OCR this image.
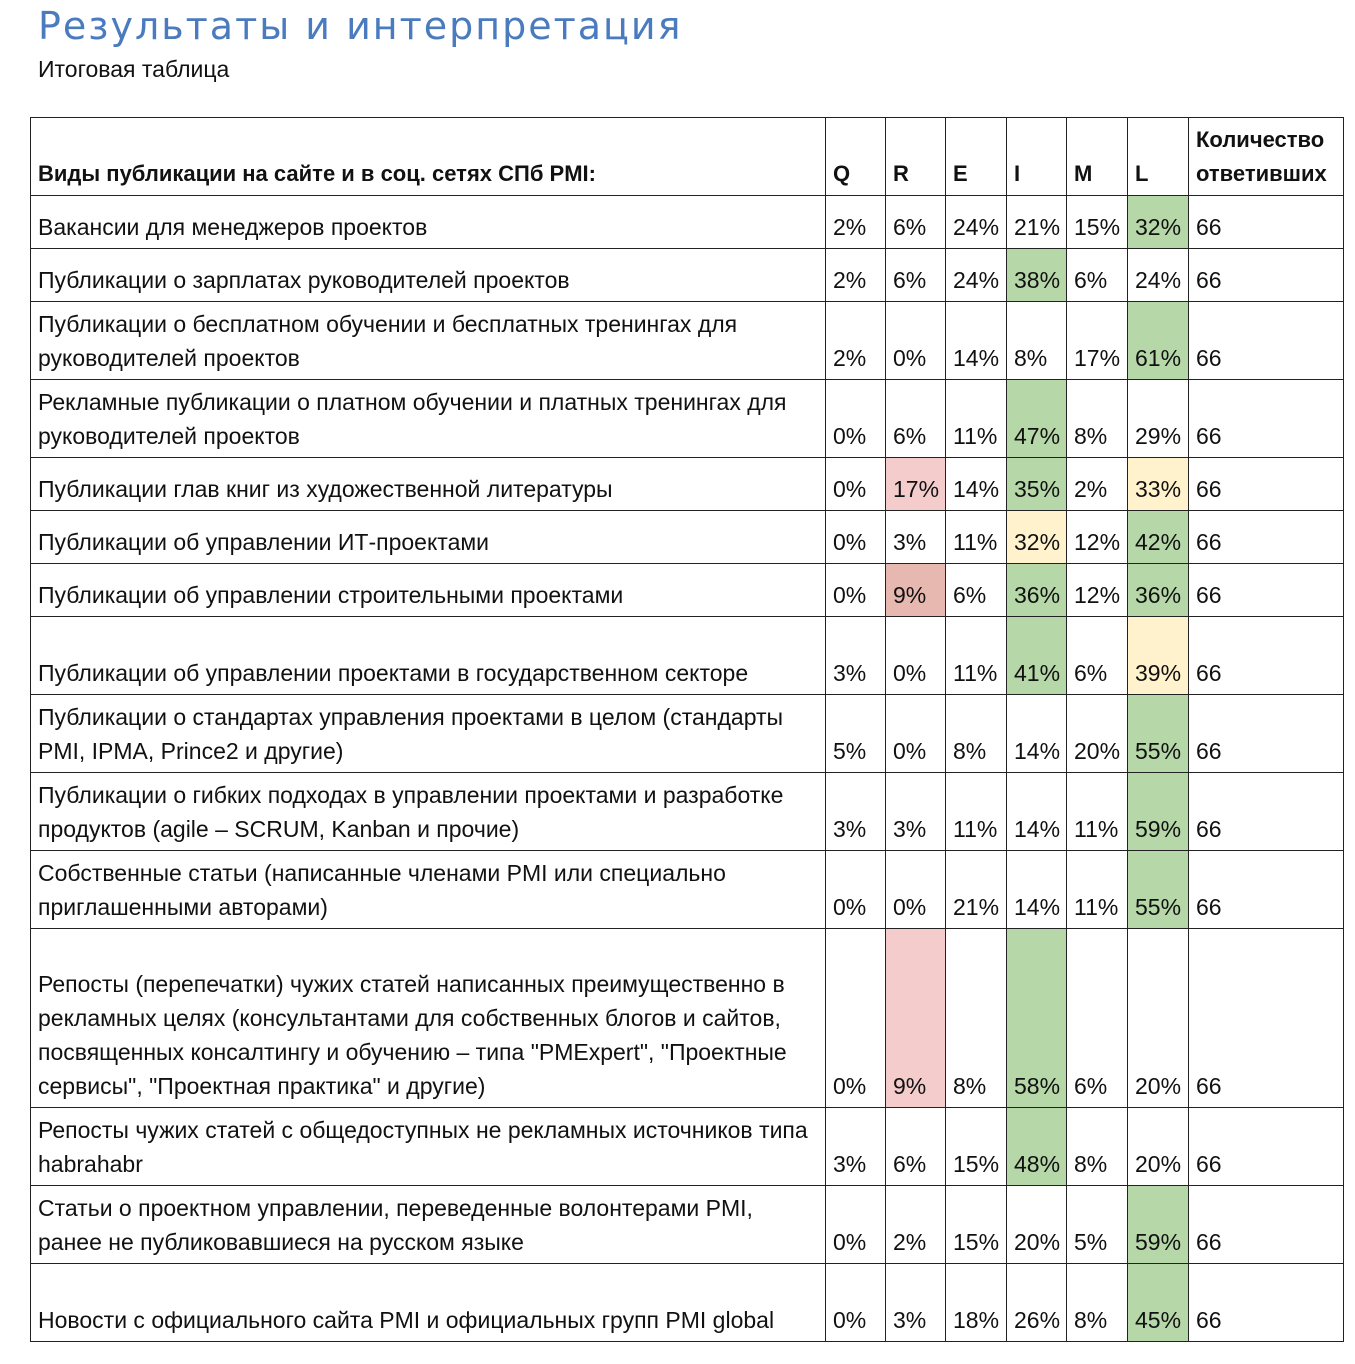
Результаты и интерпретация
Итоговая таблица
Виды публикации на сайте и в соц. сетях СПб PMI:	Q	R	E	I	M	L	Количество ответивших
Вакансии для менеджеров проектов	2%	6%	24%	21%	15%	32%	66
Публикации о зарплатах руководителей проектов	2%	6%	24%	38%	6%	24%	66
Публикации о бесплатном обучении и бесплатных тренингах для руководителей проектов	2%	0%	14%	8%	17%	61%	66
Рекламные публикации о платном обучении и платных тренингах для руководителей проектов	0%	6%	11%	47%	8%	29%	66
Публикации глав книг из художественной литературы	0%	17%	14%	35%	2%	33%	66
Публикации об управлении ИТ-проектами	0%	3%	11%	32%	12%	42%	66
Публикации об управлении строительными проектами	0%	9%	6%	36%	12%	36%	66
Публикации об управлении проектами в государственном секторе	3%	0%	11%	41%	6%	39%	66
Публикации о стандартах управления проектами в целом (стандарты PMI, IPMA, Prince2 и другие)	5%	0%	8%	14%	20%	55%	66
Публикации о гибких подходах в управлении проектами и разработке продуктов (agile – SCRUM, Kanban и прочие)	3%	3%	11%	14%	11%	59%	66
Собственные статьи (написанные членами PMI или специально приглашенными авторами)	0%	0%	21%	14%	11%	55%	66
Репосты (перепечатки) чужих статей написанных преимущественно в рекламных целях (консультантами для собственных блогов и сайтов, посвященных консалтингу и обучению – типа "PMExpert", "Проектные сервисы", "Проектная практика" и другие)	0%	9%	8%	58%	6%	20%	66
Репосты чужих статей с общедоступных не рекламных источников типа habrahabr	3%	6%	15%	48%	8%	20%	66
Статьи о проектном управлении, переведенные волонтерами PMI, ранее не публиковавшиеся на русском языке	0%	2%	15%	20%	5%	59%	66
Новости с официального сайта PMI и официальных групп PMI global	0%	3%	18%	26%	8%	45%	66
